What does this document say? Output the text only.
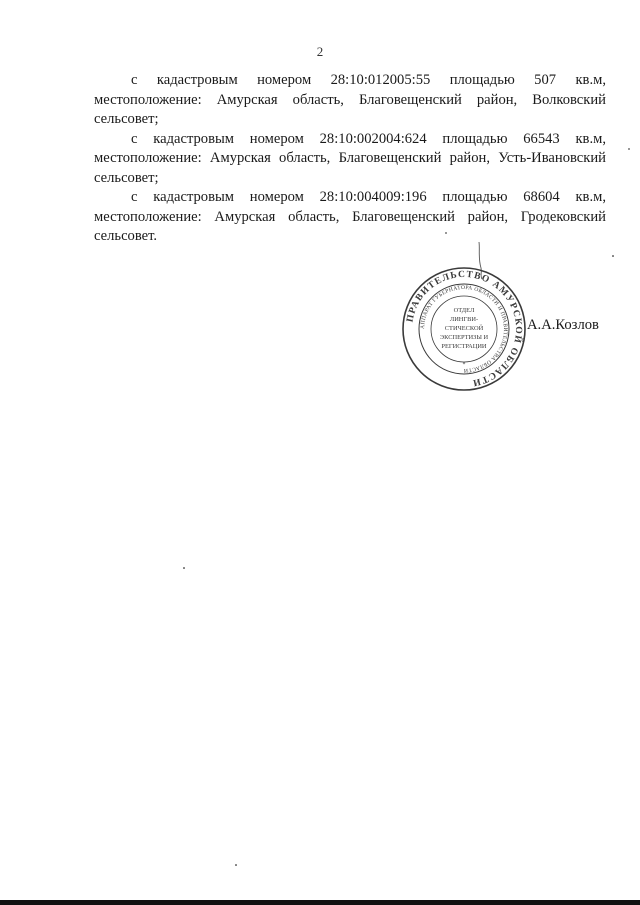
2

с кадастровым номером 28:10:012005:55 площадью 507 кв.м,
местоположение: Амурская область, Благовещенский район, Волковский сельсовет;

с кадастровым номером 28:10:002004:624 площадью 66543 кв.м,
местоположение: Амурская область, Благовещенский район, Усть-Ивановский сельсовет;

с кадастровым номером 28:10:004009:196 площадью 68604 кв.м,
местоположение: Амурская область, Благовещенский район, Гродековский сельсовет.

ПРАВИТЕЛЬСТВО АМУРСКОЙ ОБЛАСТИ
АППАРАТ ГУБЕРНАТОРА ОБЛАСТИ И ПРАВИТЕЛЬСТВА ОБЛАСТИ
ОТДЕЛ
ЛИНГВИ-
СТИЧЕСКОЙ
ЭКСПЕРТИЗЫ И
РЕГИСТРАЦИИ
*
А.А.Козлов
